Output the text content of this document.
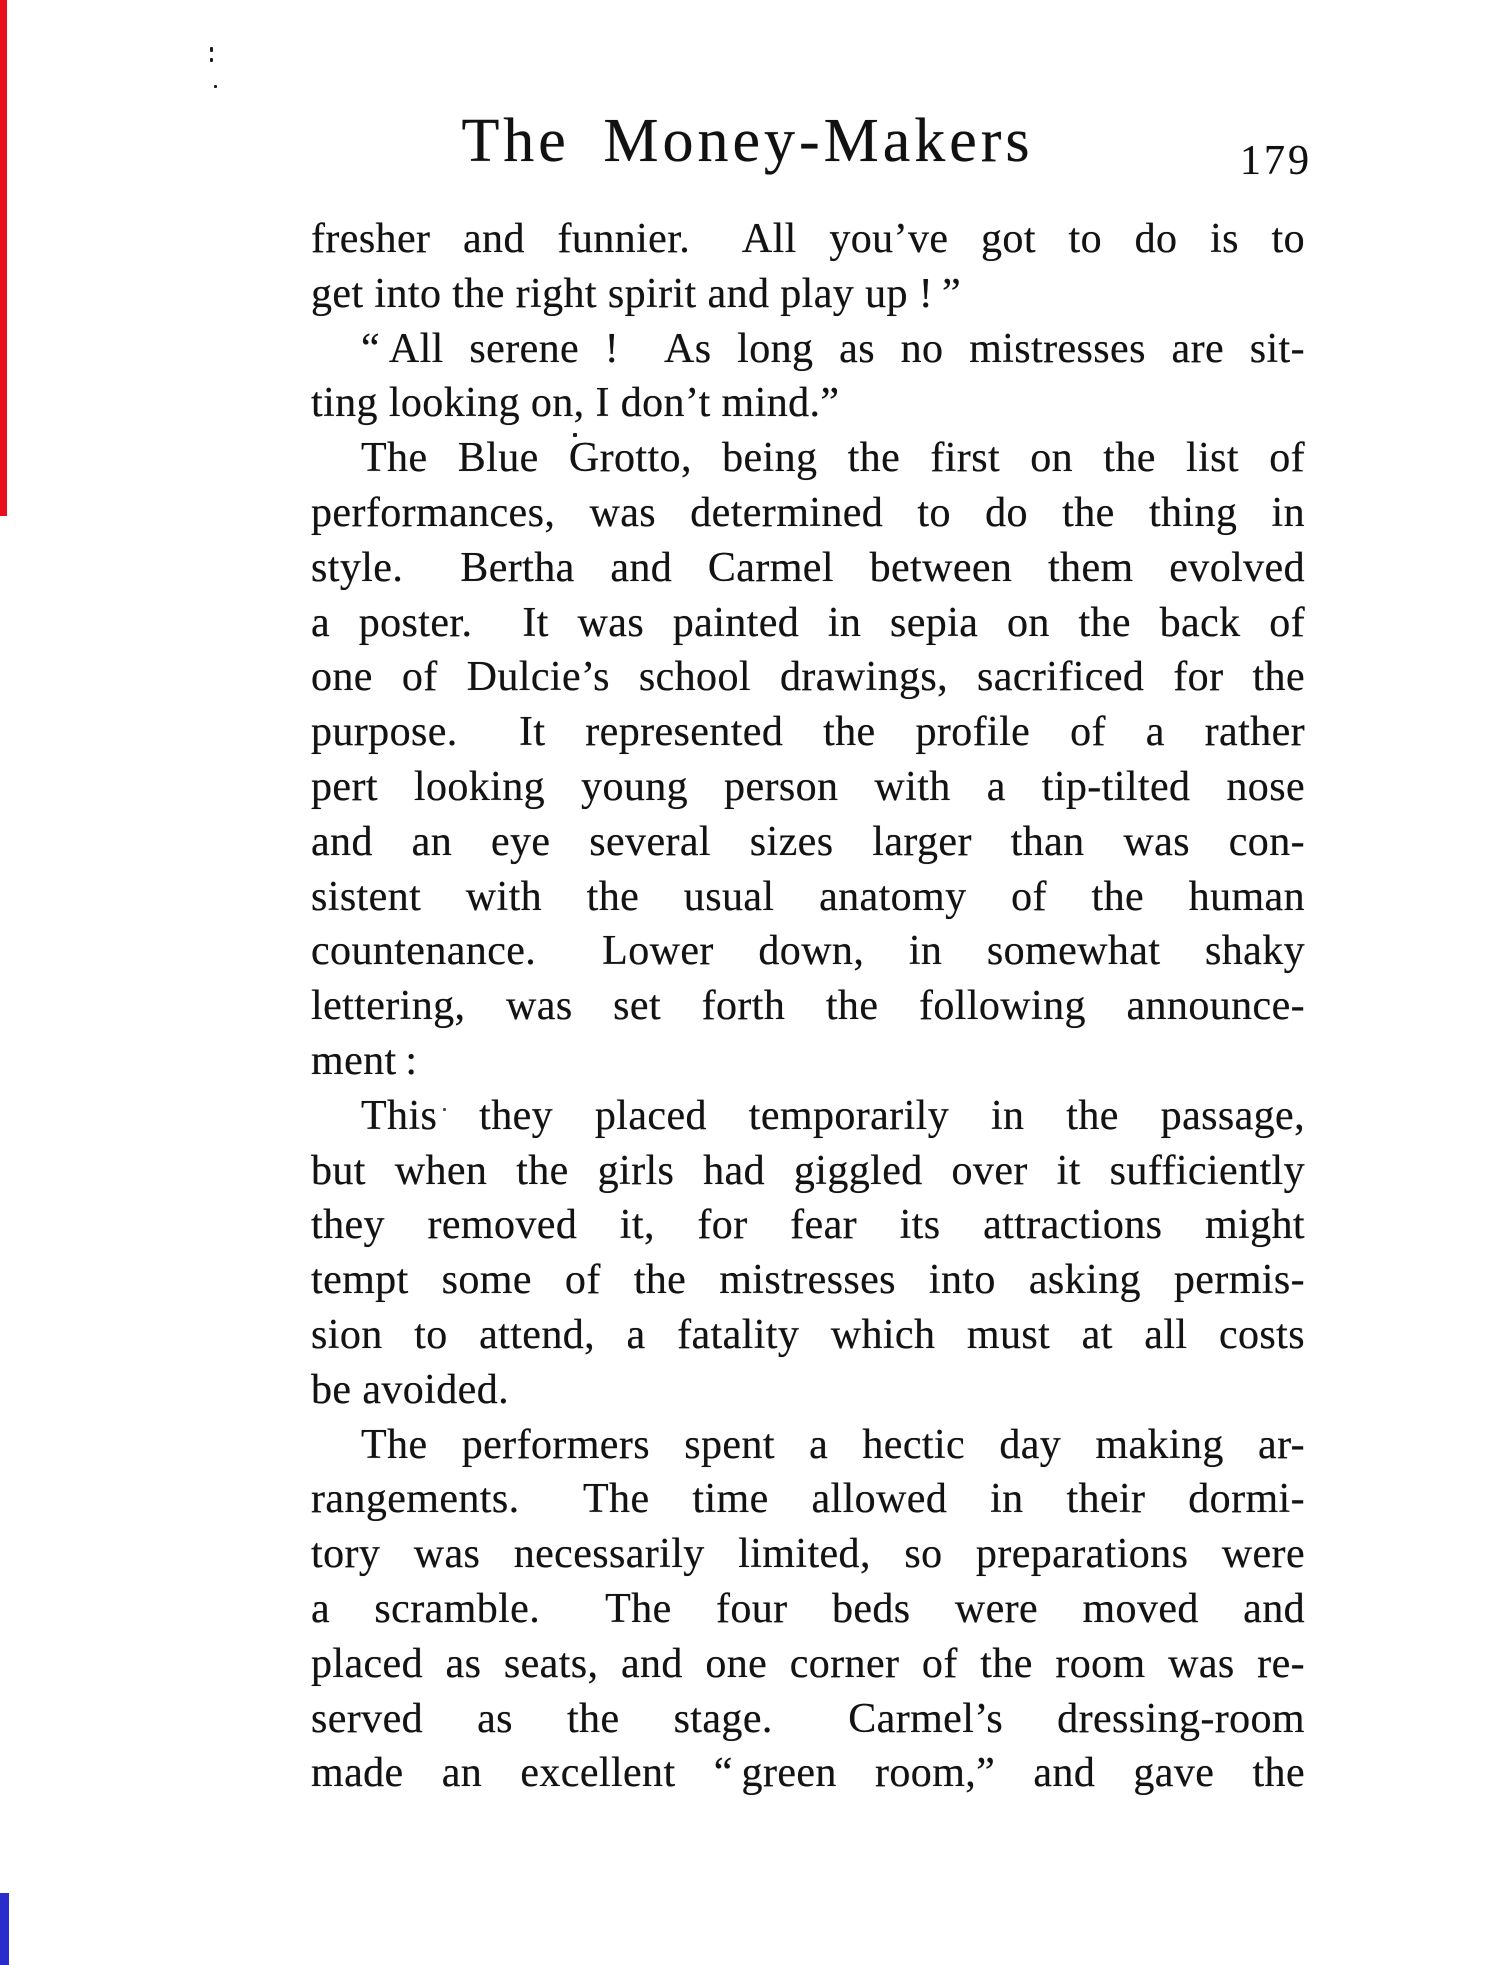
The Money-Makers	179
fresher and funnier.  All you’ve got to do is to
get into the right spirit and play up ! ”
“ All serene !  As long as no mistresses are sit-
ting looking on, I don’t mind.”
The Blue Grotto, being the first on the list of
performances, was determined to do the thing in
style.  Bertha and Carmel between them evolved
a poster.  It was painted in sepia on the back of
one of Dulcie’s school drawings, sacrificed for the
purpose.  It represented the profile of a rather
pert looking young person with a tip-tilted nose
and an eye several sizes larger than was con-
sistent with the usual anatomy of the human
countenance.  Lower down, in somewhat shaky
lettering, was set forth the following announce-
ment :
This they placed temporarily in the passage,
but when the girls had giggled over it sufficiently
they removed it, for fear its attractions might
tempt some of the mistresses into asking permis-
sion to attend, a fatality which must at all costs
be avoided.
The performers spent a hectic day making ar-
rangements.  The time allowed in their dormi-
tory was necessarily limited, so preparations were
a scramble.  The four beds were moved and
placed as seats, and one corner of the room was re-
served as the stage.  Carmel’s dressing-room
made an excellent “ green room,” and gave the
